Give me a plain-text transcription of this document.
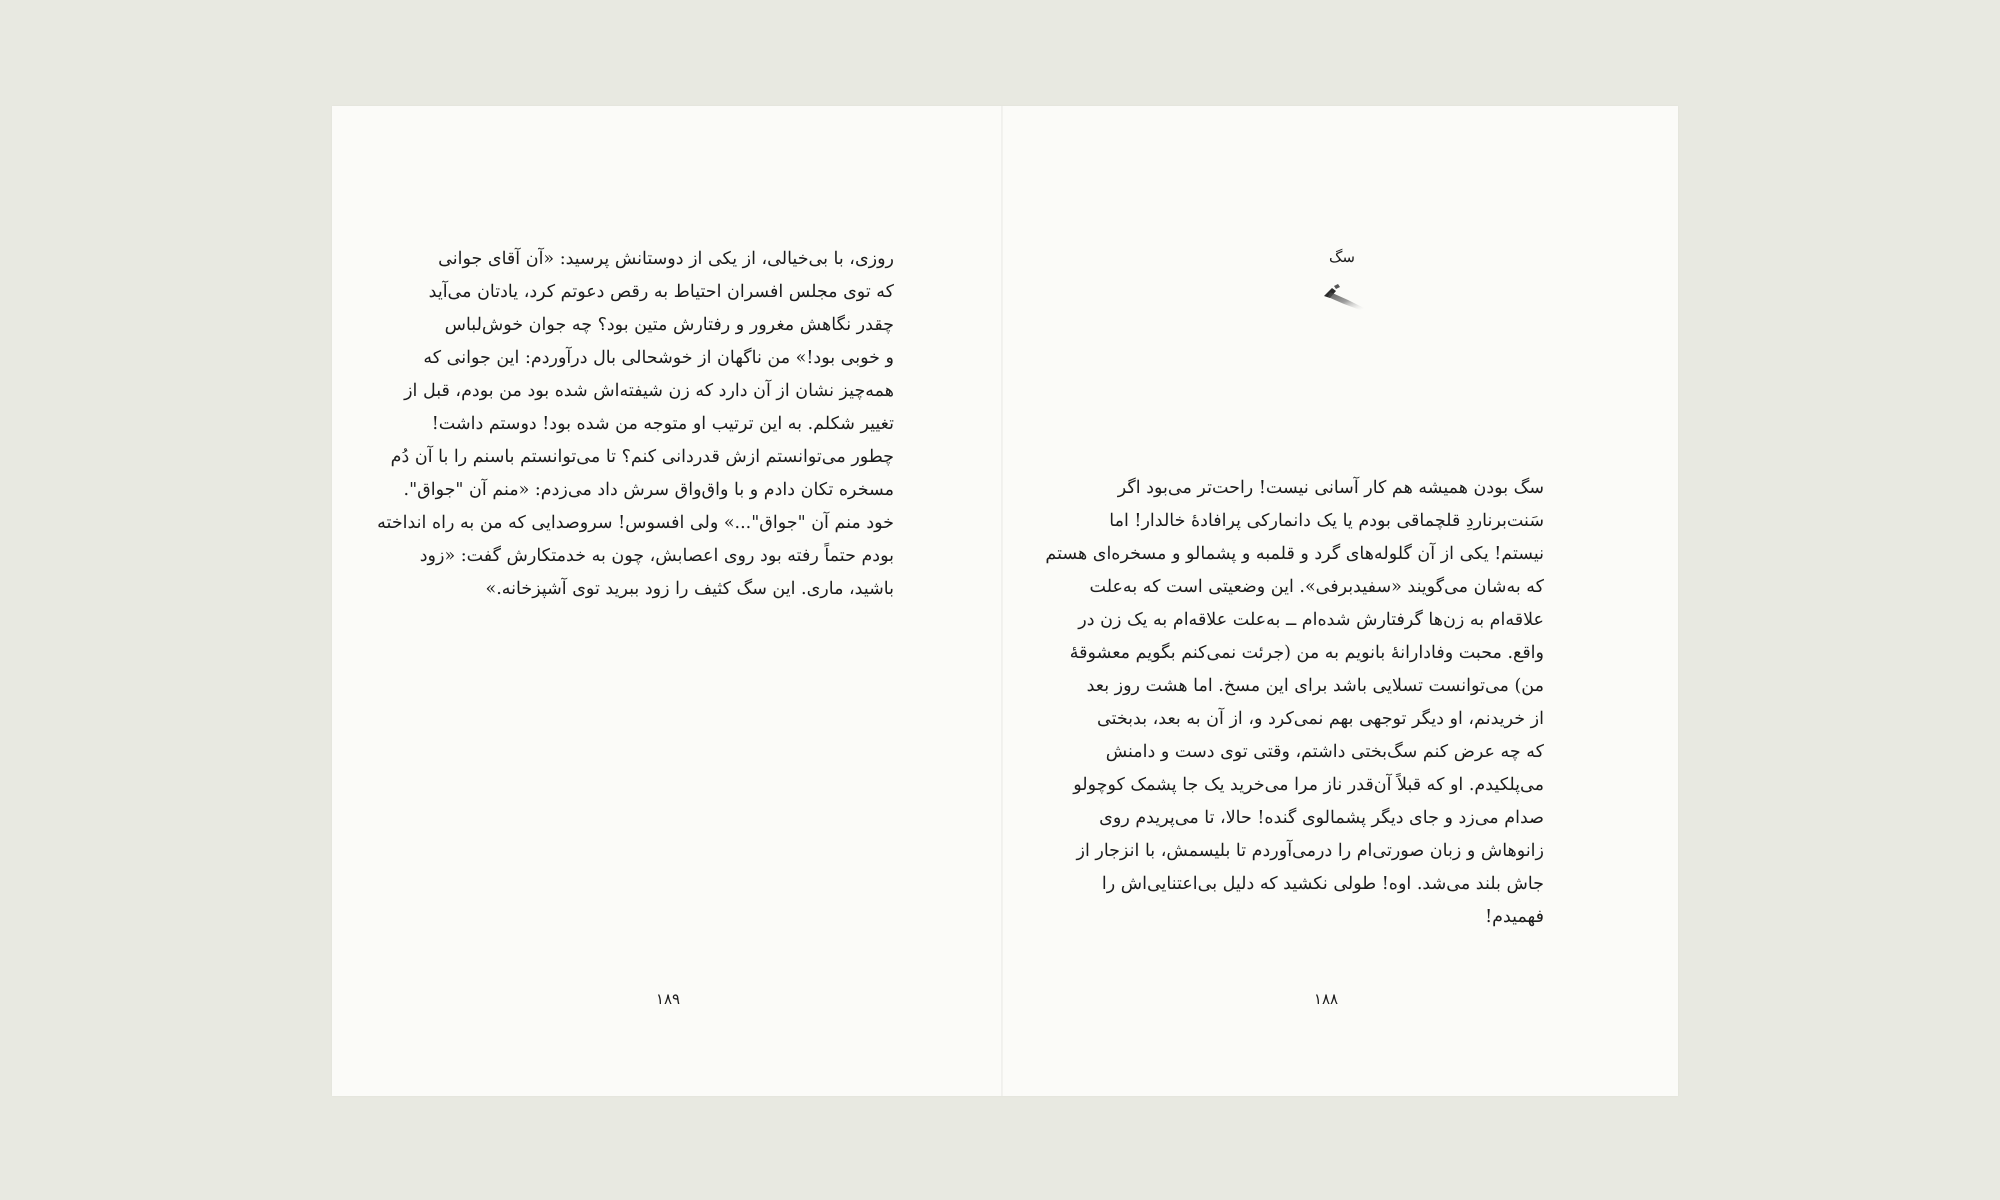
روزی، با بی‌خیالی، از یکی از دوستانش پرسید: «آن آقای جوانی
که توی مجلس افسران احتیاط به رقص دعوتم کرد، یادتان می‌آید
چقدر نگاهش مغرور و رفتارش متین بود؟ چه جوان خوش‌لباس
و خوبی بود!» من ناگهان از خوشحالی بال درآوردم: این جوانی که
همه‌چیز نشان از آن دارد که زن شیفته‌اش شده بود من بودم، قبل از
تغییر شکلم. به این ترتیب او متوجه من شده بود! دوستم داشت!
چطور می‌توانستم ازش قدردانی کنم؟ تا می‌توانستم باسنم را با آن دُم
مسخره تکان دادم و با واق‌واق سرش داد می‌زدم: «منم آن "جواق".
خود منم آن "جواق"...» ولی افسوس! سروصدایی که من به راه انداخته
بودم حتماً رفته بود روی اعصابش، چون به خدمتکارش گفت: «زود
باشید، ماری. این سگ کثیف را زود ببرید توی آشپزخانه.»
۱۸۹
سگ
سگ بودن همیشه هم کار آسانی نیست! راحت‌تر می‌بود اگر
سَنت‌برناردِ قلچماقی بودم یا یک دانمارکی پرافادهٔ خالدار! اما
نیستم! یکی از آن گلوله‌های گرد و قلمبه و پشمالو و مسخره‌ای هستم
که به‌شان می‌گویند «سفیدبرفی». این وضعیتی است که به‌علت
علاقه‌ام به زن‌ها گرفتارش شده‌ام ــ به‌علت علاقه‌ام به یک زن در
واقع. محبت وفادارانهٔ بانویم به من (جرئت نمی‌کنم بگویم معشوقهٔ
من) می‌توانست تسلایی باشد برای این مسخ. اما هشت روز بعد
از خریدنم، او دیگر توجهی بهم نمی‌کرد و، از آن به بعد، بدبختی
که چه عرض کنم سگ‌بختی داشتم، وقتی توی دست و دامنش
می‌پلکیدم. او که قبلاً آن‌قدر ناز مرا می‌خرید یک جا پشمک کوچولو
صدام می‌زد و جای دیگر پشمالوی گنده! حالا، تا می‌پریدم روی
زانوهاش و زبان صورتی‌ام را درمی‌آوردم تا بلیسمش، با انزجار از
جاش بلند می‌شد. اوه! طولی نکشید که دلیل بی‌اعتنایی‌اش را
فهمیدم!
۱۸۸
